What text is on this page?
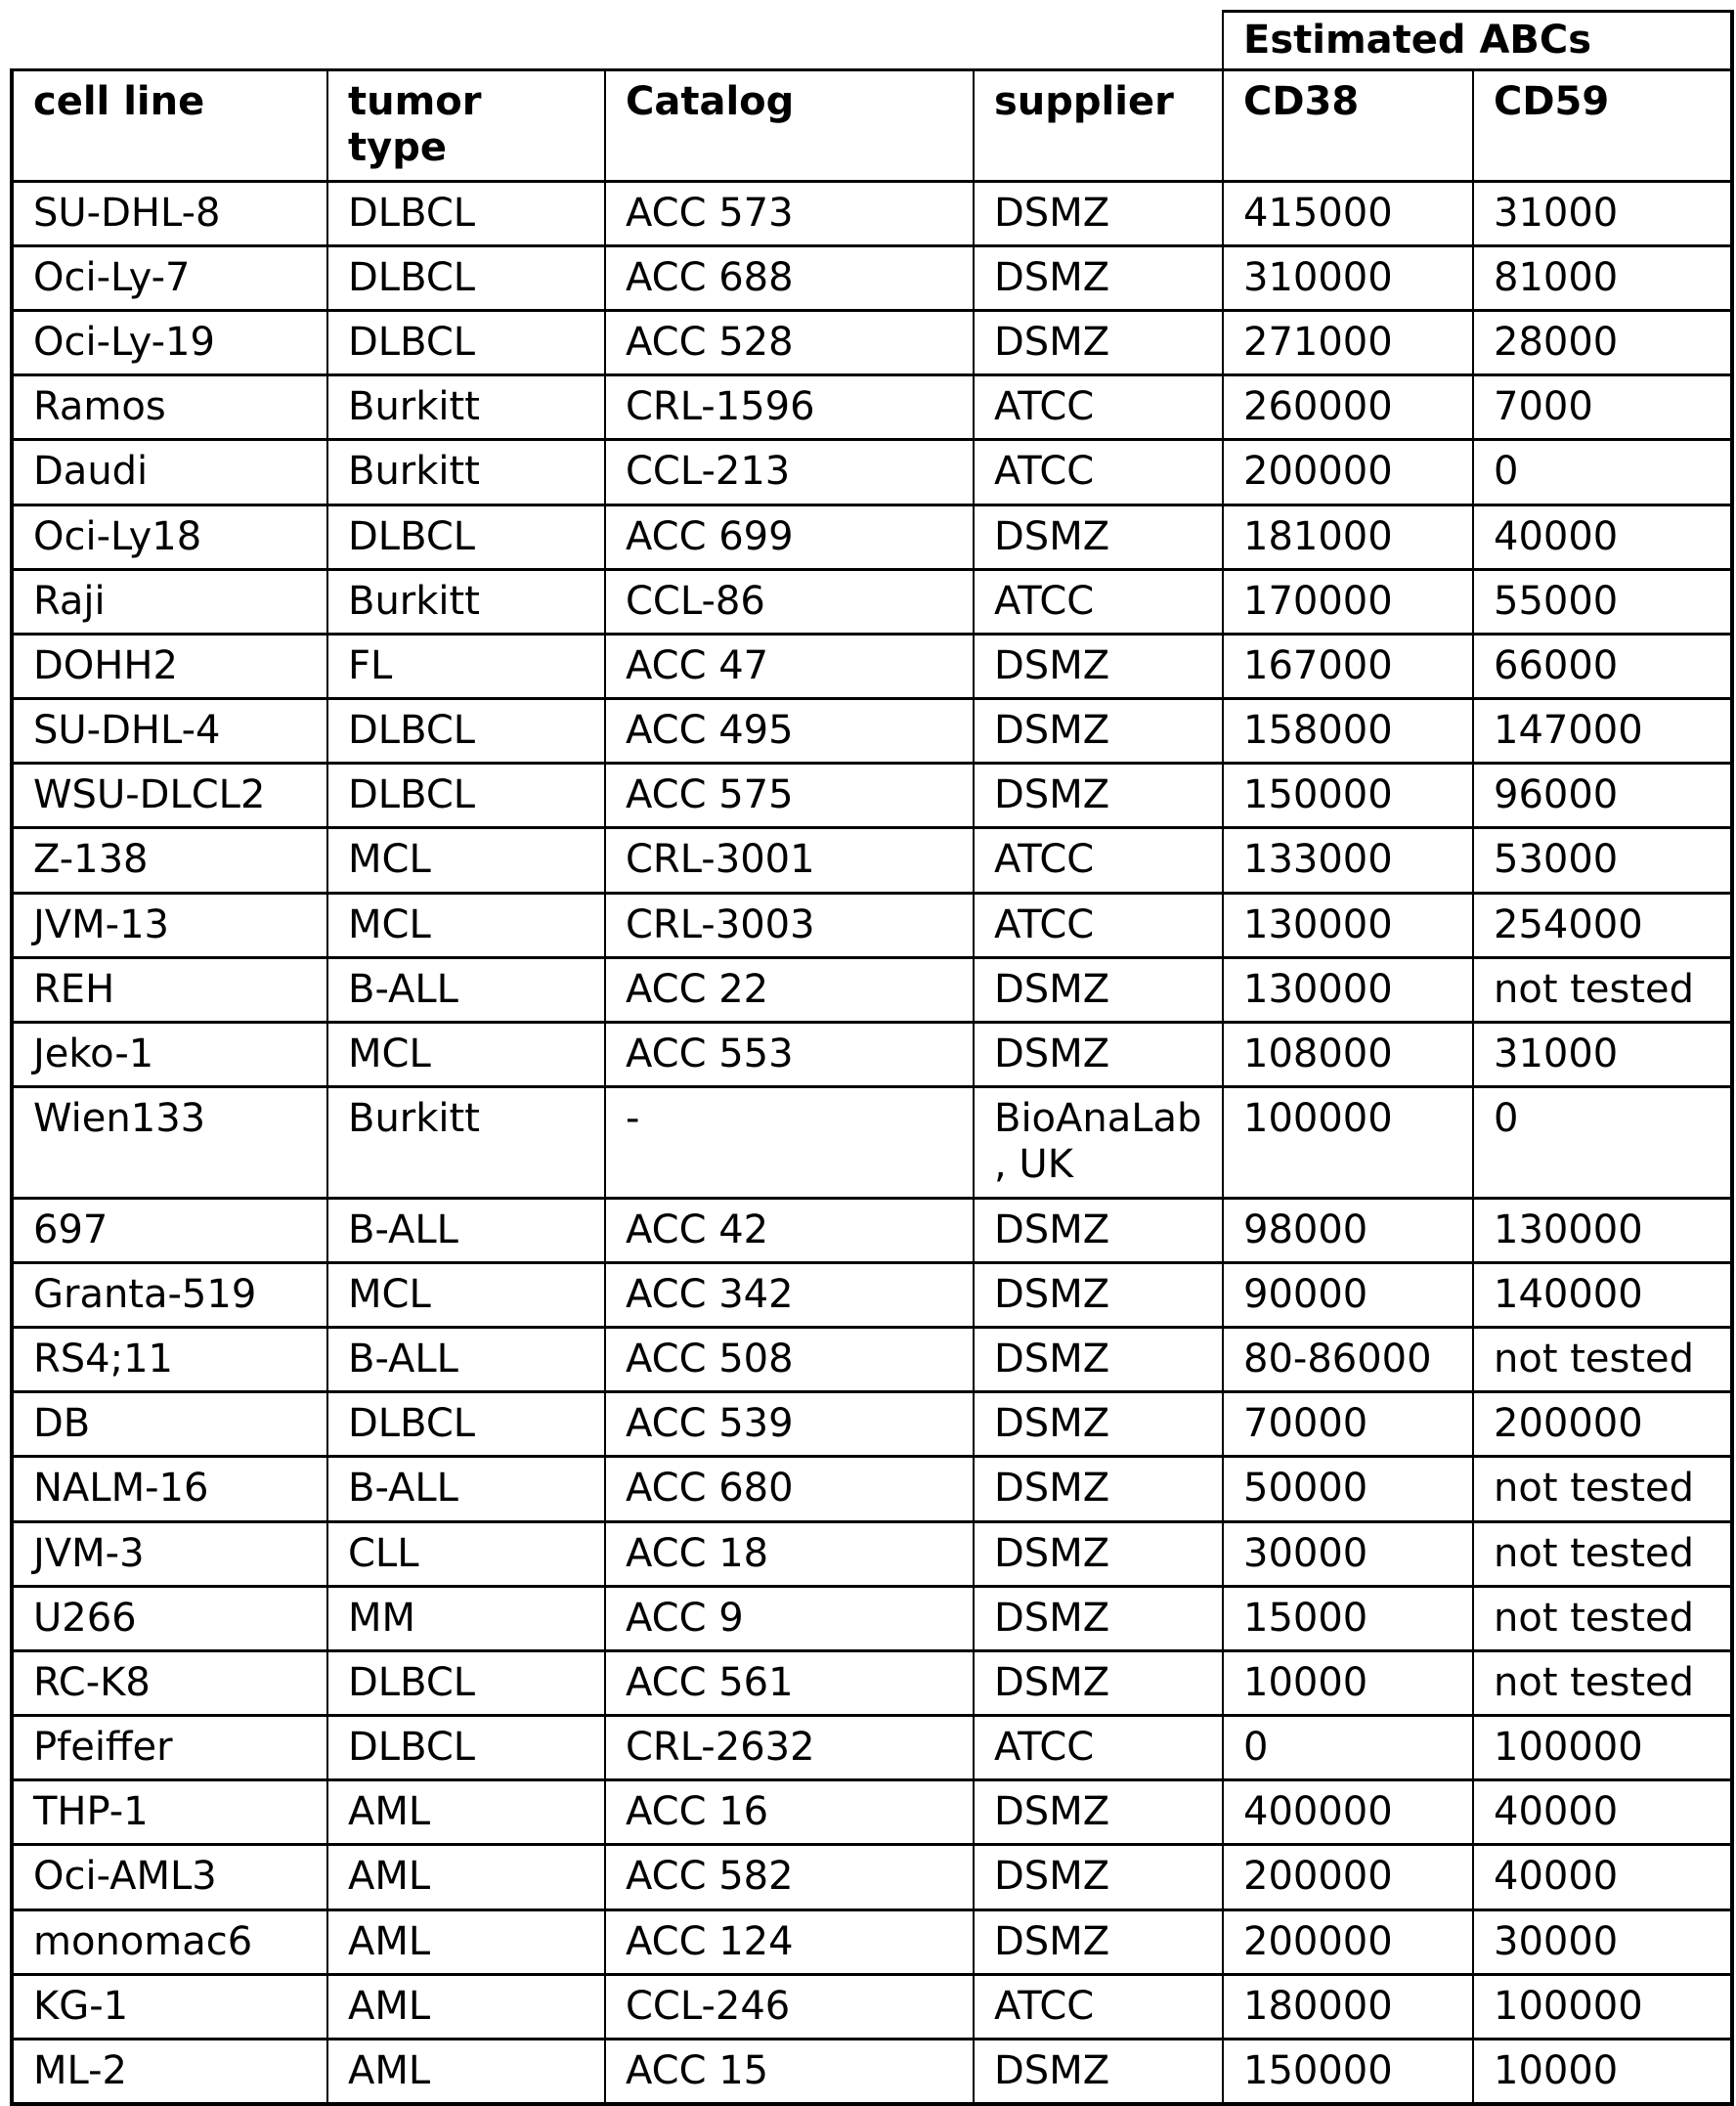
				Estimated ABCs	
cell line	tumor type	Catalog	supplier	CD38	CD59
SU-DHL-8	DLBCL	ACC 573	DSMZ	415000	31000
Oci-Ly-7	DLBCL	ACC 688	DSMZ	310000	81000
Oci-Ly-19	DLBCL	ACC 528	DSMZ	271000	28000
Ramos	Burkitt	CRL-1596	ATCC	260000	7000
Daudi	Burkitt	CCL-213	ATCC	200000	0
Oci-Ly18	DLBCL	ACC 699	DSMZ	181000	40000
Raji	Burkitt	CCL-86	ATCC	170000	55000
DOHH2	FL	ACC 47	DSMZ	167000	66000
SU-DHL-4	DLBCL	ACC 495	DSMZ	158000	147000
WSU-DLCL2	DLBCL	ACC 575	DSMZ	150000	96000
Z-138	MCL	CRL-3001	ATCC	133000	53000
JVM-13	MCL	CRL-3003	ATCC	130000	254000
REH	B-ALL	ACC 22	DSMZ	130000	not tested
Jeko-1	MCL	ACC 553	DSMZ	108000	31000
Wien133	Burkitt	-	BioAnaLab, UK	100000	0
697	B-ALL	ACC 42	DSMZ	98000	130000
Granta-519	MCL	ACC 342	DSMZ	90000	140000
RS4;11	B-ALL	ACC 508	DSMZ	80-86000	not tested
DB	DLBCL	ACC 539	DSMZ	70000	200000
NALM-16	B-ALL	ACC 680	DSMZ	50000	not tested
JVM-3	CLL	ACC 18	DSMZ	30000	not tested
U266	MM	ACC 9	DSMZ	15000	not tested
RC-K8	DLBCL	ACC 561	DSMZ	10000	not tested
Pfeiffer	DLBCL	CRL-2632	ATCC	0	100000
THP-1	AML	ACC 16	DSMZ	400000	40000
Oci-AML3	AML	ACC 582	DSMZ	200000	40000
monomac6	AML	ACC 124	DSMZ	200000	30000
KG-1	AML	CCL-246	ATCC	180000	100000
ML-2	AML	ACC 15	DSMZ	150000	10000
